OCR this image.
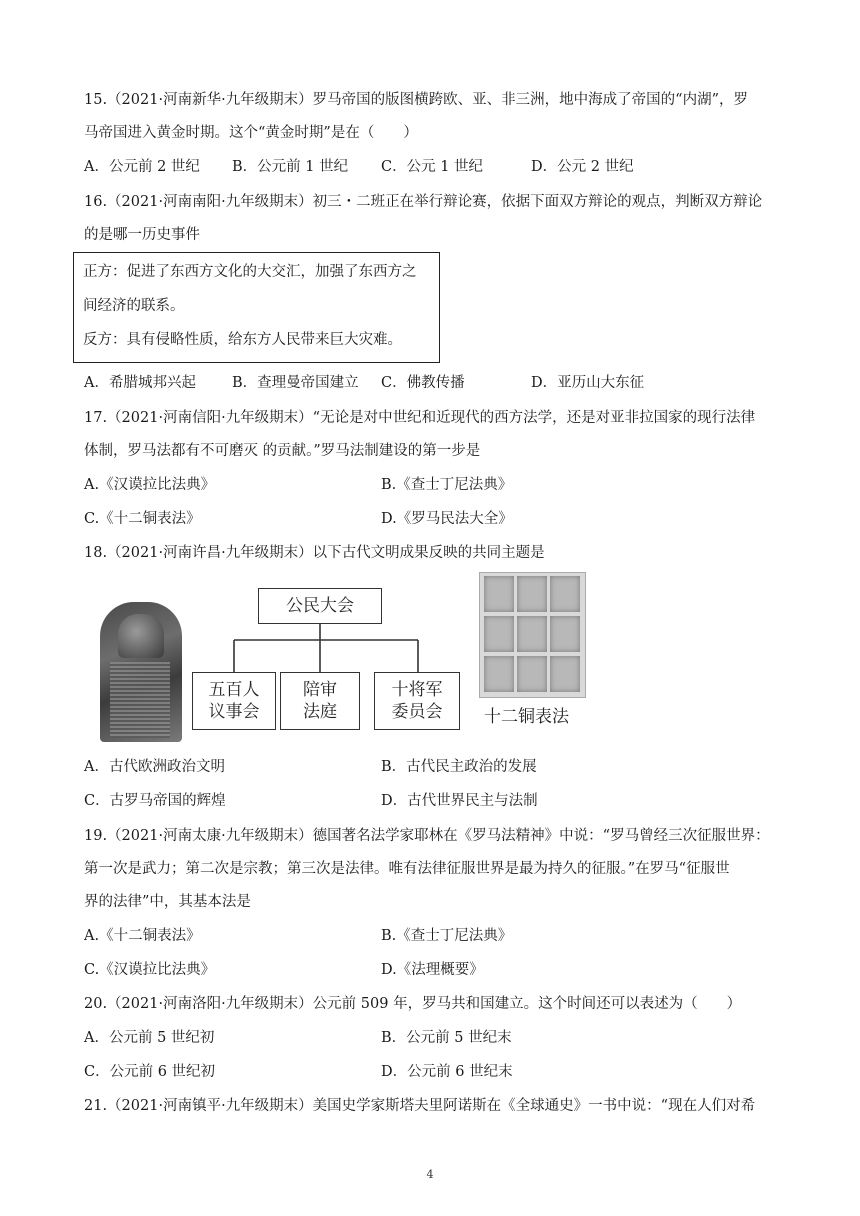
15.（2021·河南新华·九年级期末）罗马帝国的版图横跨欧、亚、非三洲，地中海成了帝国的“内湖”，罗
马帝国进入黄金时期。这个“黄金时期”是在（　　）
A．公元前 2 世纪 B．公元前 1 世纪 C．公元 1 世纪	D．公元 2 世纪
16.（2021·河南南阳·九年级期末）初三・二班正在举行辩论赛，依据下面双方辩论的观点，判断双方辩论
的是哪一历史事件
正方：促进了东西方文化的大交汇，加强了东西方之
间经济的联系。
反方：具有侵略性质，给东方人民带来巨大灾难。
A．希腊城邦兴起 B．查理曼帝国建立 C．佛教传播	D．亚历山大东征
17.（2021·河南信阳·九年级期末）“无论是对中世纪和近现代的西方法学，还是对亚非拉国家的现行法律
体制，罗马法都有不可磨灭 的贡献。”罗马法制建设的第一步是
A.《汉谟拉比法典》	B.《查士丁尼法典》
C.《十二铜表法》	D.《罗马民法大全》
18.（2021·河南许昌·九年级期末）以下古代文明成果反映的共同主题是
公民大会
五百人
议事会
陪审
法庭
十将军
委员会	十二铜表法
A．古代欧洲政治文明	B．古代民主政治的发展
C．古罗马帝国的辉煌	D．古代世界民主与法制
19.（2021·河南太康·九年级期末）德国著名法学家耶林在《罗马法精神》中说：“罗马曾经三次征服世界：
第一次是武力；第二次是宗教；第三次是法律。唯有法律征服世界是最为持久的征服。”在罗马“征服世
界的法律”中，其基本法是
A.《十二铜表法》	B.《查士丁尼法典》
C.《汉谟拉比法典》	D.《法理概要》
20.（2021·河南洛阳·九年级期末）公元前 509 年，罗马共和国建立。这个时间还可以表述为（　　）
A．公元前 5 世纪初	B．公元前 5 世纪末
C．公元前 6 世纪初	D．公元前 6 世纪末
21.（2021·河南镇平·九年级期末）美国史学家斯塔夫里阿诺斯在《全球通史》一书中说：“现在人们对希
4
